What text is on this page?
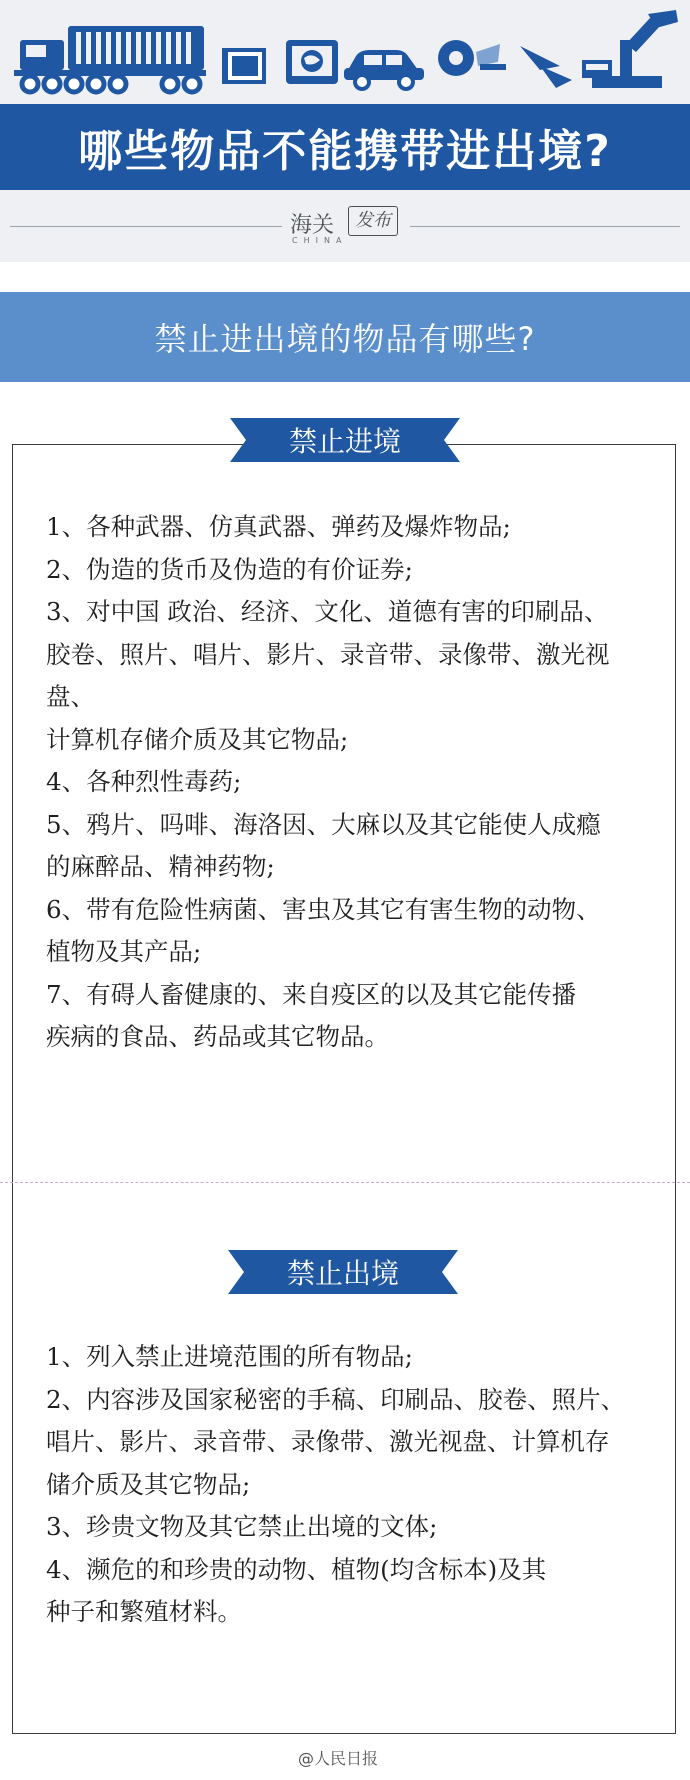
哪些物品不能携带进出境?
海关	发布
CHINA
禁止进出境的物品有哪些?
禁止进境
1、各种武器、仿真武器、弹药及爆炸物品;
2、伪造的货币及伪造的有价证券;
3、对中国 政治、经济、文化、道德有害的印刷品、
胶卷、照片、唱片、影片、录音带、录像带、激光视盘、
计算机存储介质及其它物品;
4、各种烈性毒药;
5、鸦片、吗啡、海洛因、大麻以及其它能使人成瘾
的麻醉品、精神药物;
6、带有危险性病菌、害虫及其它有害生物的动物、
植物及其产品;
7、有碍人畜健康的、来自疫区的以及其它能传播
疾病的食品、药品或其它物品。
禁止出境
1、列入禁止进境范围的所有物品;
2、内容涉及国家秘密的手稿、印刷品、胶卷、照片、
唱片、影片、录音带、录像带、激光视盘、计算机存
储介质及其它物品;
3、珍贵文物及其它禁止出境的文体;
4、濒危的和珍贵的动物、植物(均含标本)及其
种子和繁殖材料。
@人民日报
